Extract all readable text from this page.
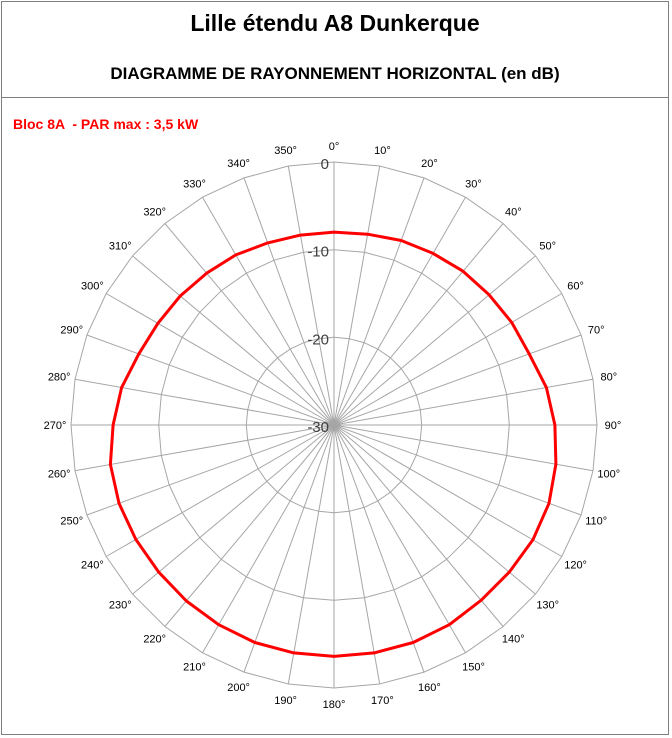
Lille étendu A8 Dunkerque
DIAGRAMME DE RAYONNEMENT HORIZONTAL (en dB)
Bloc 8A  - PAR max : 3,5 kW
0
-10
-20
-30
0°	10°
20°
30°
40°
50°
60°
70°
80°
90°
100°
110°
120°
130°
140°
150°
160°
170°
180°
190°
200°
210°
220°
230°
240°
250°
260°
270°
280°
290°
300°
310°
320°
330°
340°
350°
